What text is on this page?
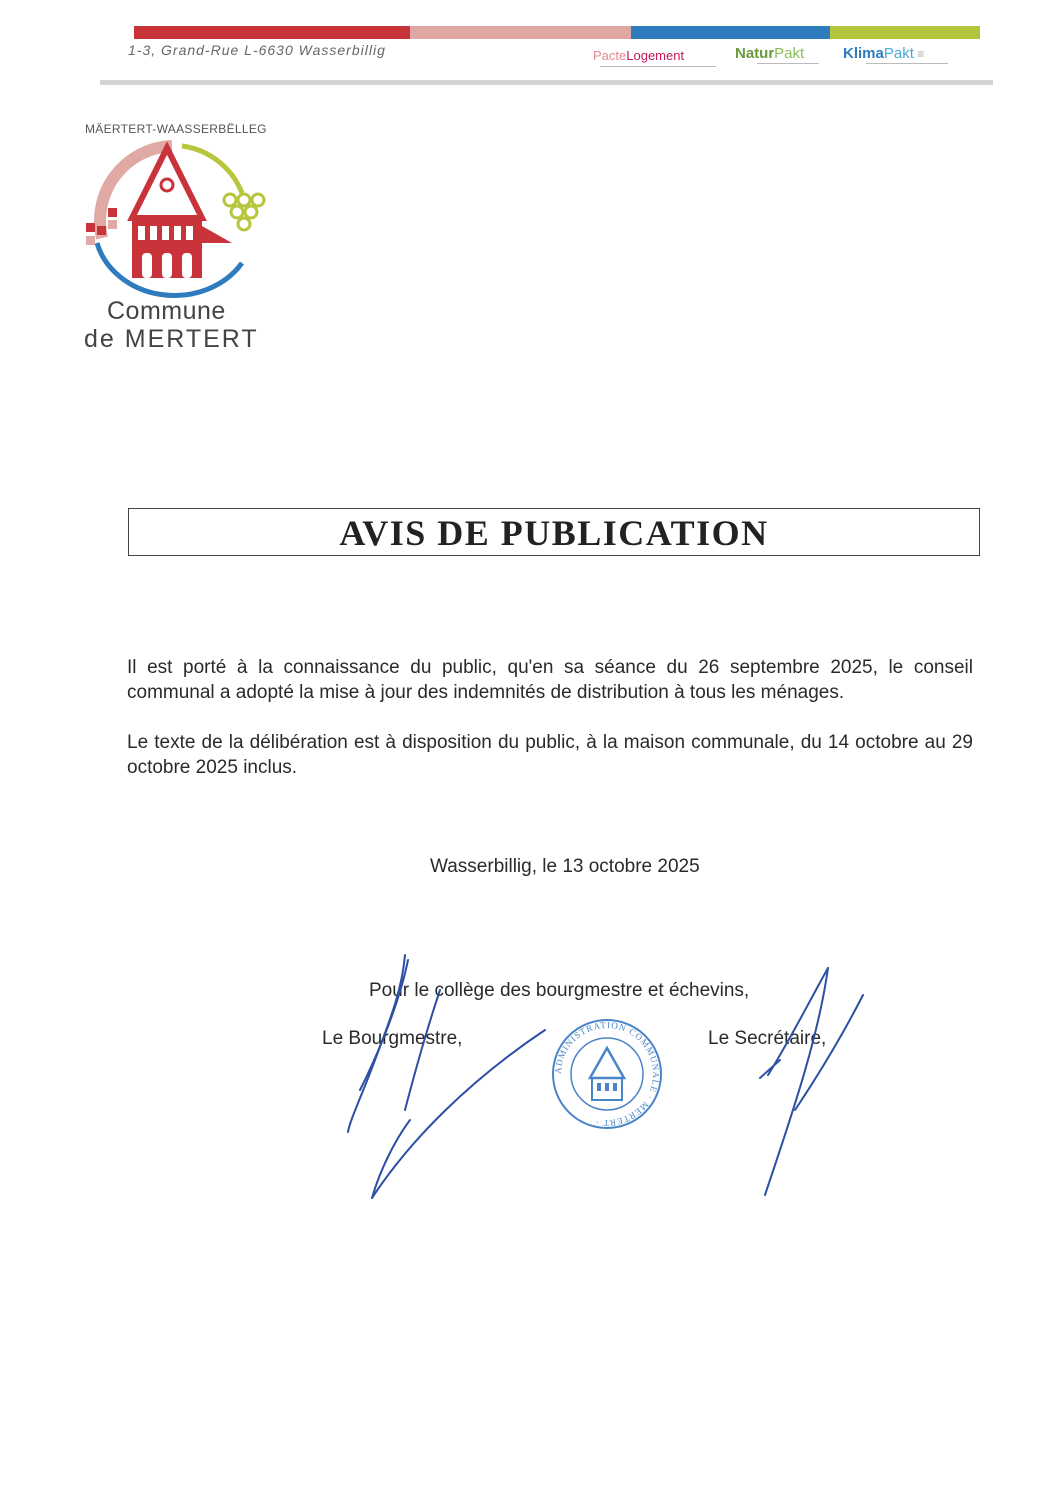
1-3, Grand-Rue L-6630 Wasserbillig	PacteLogement	NaturPakt	KlimaPakt ≡
MÄERTERT-WAASSERBËLLEG
Commune
de MERTERT
AVIS DE PUBLICATION
Il est porté à la connaissance du public, qu'en sa séance du 26 septembre 2025, le conseil communal a adopté la mise à jour des indemnités de distribution à tous les ménages.
Le texte de la délibération est à disposition du public, à la maison communale, du 14 octobre au 29 octobre 2025 inclus.
Wasserbillig, le 13 octobre 2025
Pour le collège des bourgmestre et échevins,
Le Bourgmestre,	Le Secrétaire,
ADMINISTRATION COMMUNALE · MERTERT ·
